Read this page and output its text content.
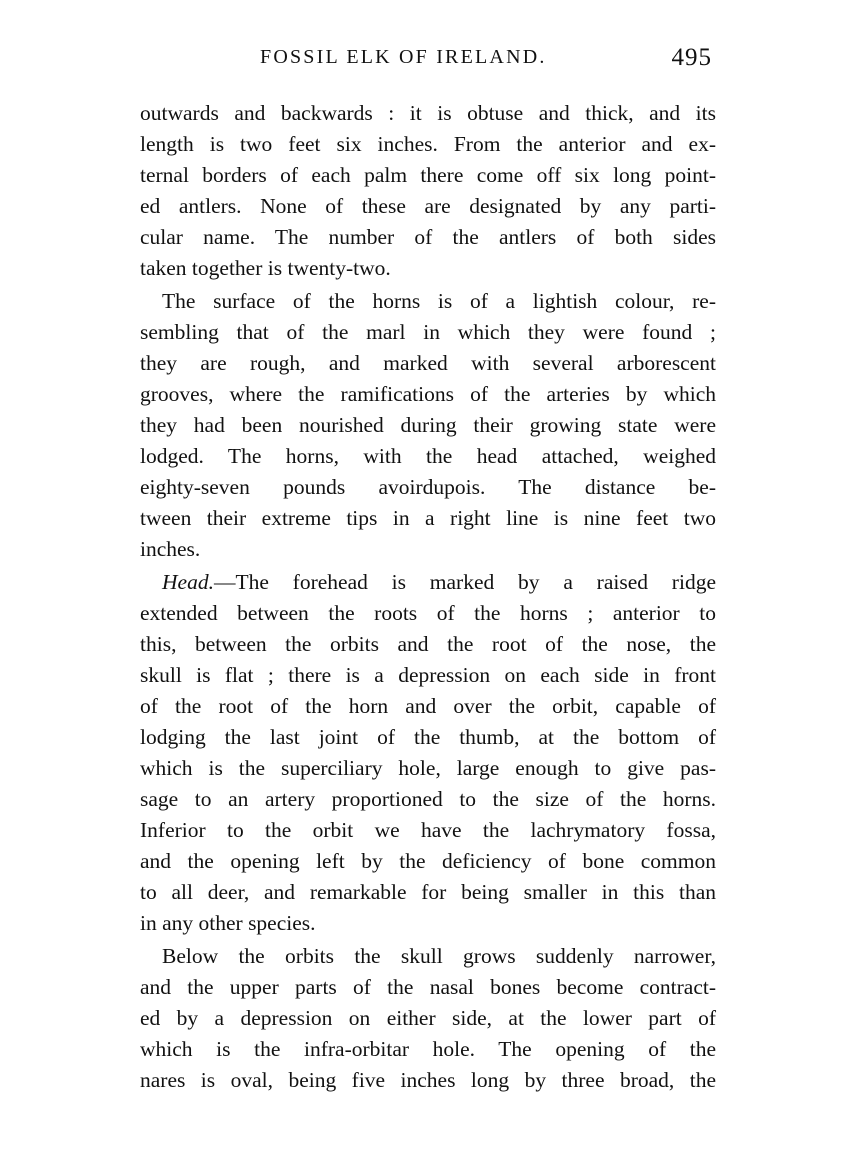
FOSSIL ELK OF IRELAND.	495
outwards and backwards : it is obtuse and thick, and its
length is two feet six inches. From the anterior and ex-
ternal borders of each palm there come off six long point-
ed antlers. None of these are designated by any parti-
cular name. The number of the antlers of both sides
taken together is twenty-two.
The surface of the horns is of a lightish colour, re-
sembling that of the marl in which they were found ;
they are rough, and marked with several arborescent
grooves, where the ramifications of the arteries by which
they had been nourished during their growing state were
lodged. The horns, with the head attached, weighed
eighty-seven pounds avoirdupois. The distance be-
tween their extreme tips in a right line is nine feet two
inches.
Head.—The forehead is marked by a raised ridge
extended between the roots of the horns ; anterior to
this, between the orbits and the root of the nose, the
skull is flat ; there is a depression on each side in front
of the root of the horn and over the orbit, capable of
lodging the last joint of the thumb, at the bottom of
which is the superciliary hole, large enough to give pas-
sage to an artery proportioned to the size of the horns.
Inferior to the orbit we have the lachrymatory fossa,
and the opening left by the deficiency of bone common
to all deer, and remarkable for being smaller in this than
in any other species.
Below the orbits the skull grows suddenly narrower,
and the upper parts of the nasal bones become contract-
ed by a depression on either side, at the lower part of
which is the infra-orbitar hole. The opening of the
nares is oval, being five inches long by three broad, the
